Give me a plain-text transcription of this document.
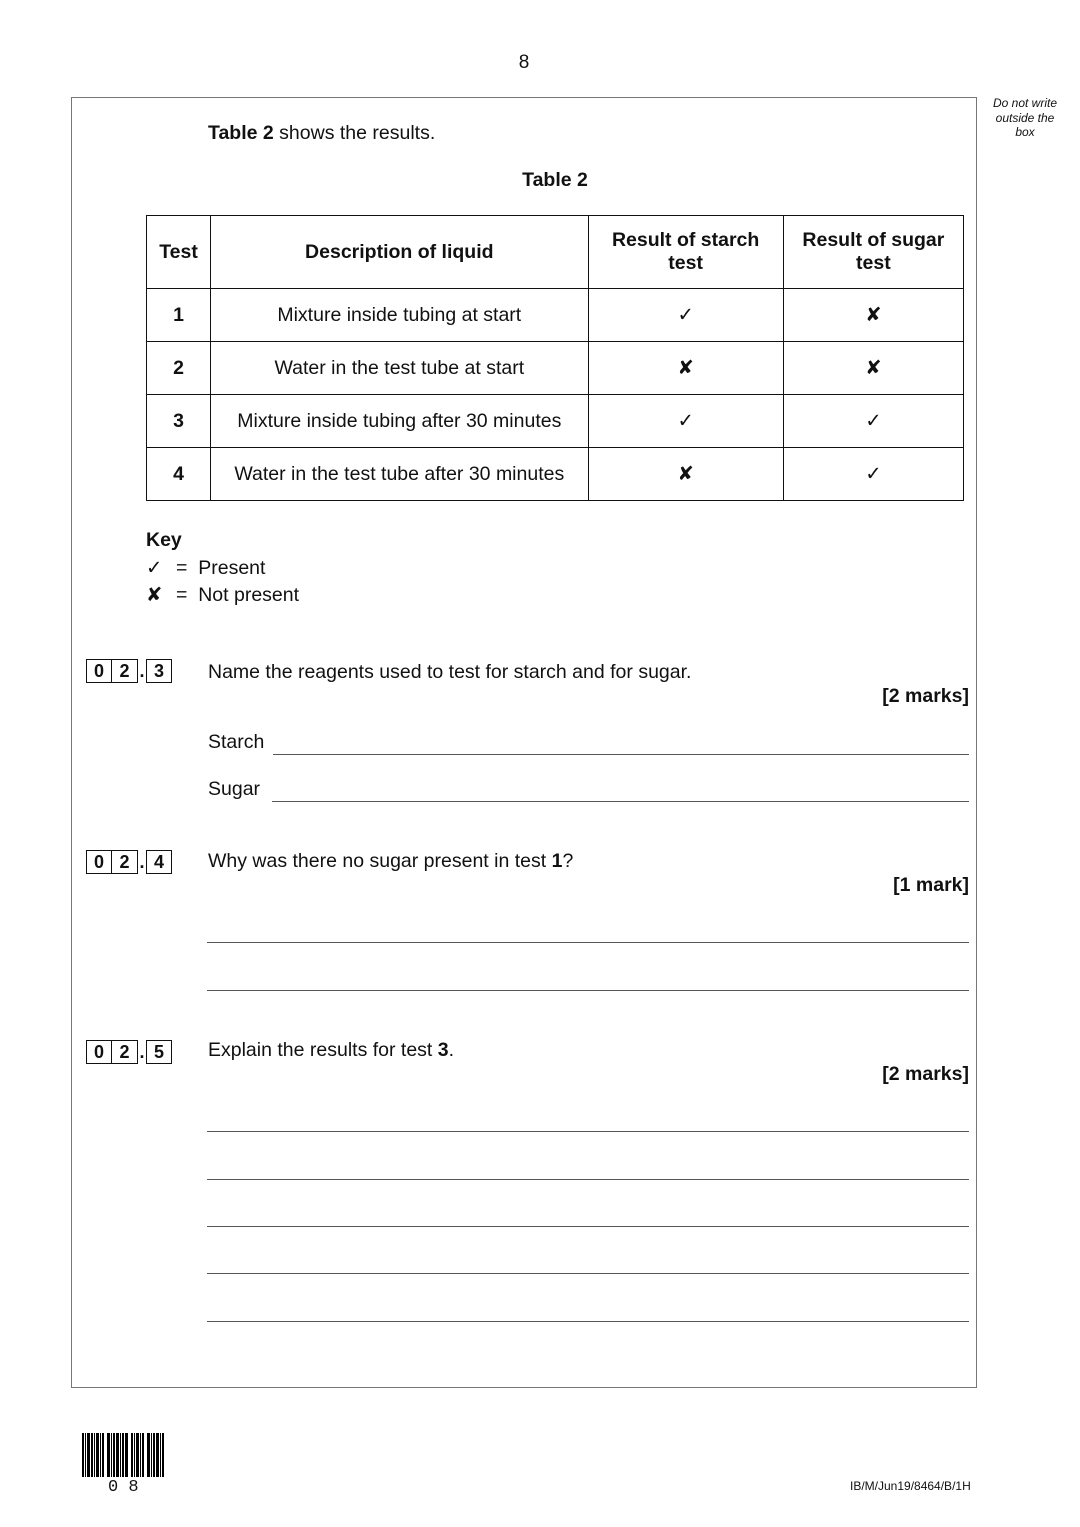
8
Do not write outside the box
Table 2 shows the results.
Table 2
Test	Description of liquid	Result of starch test	Result of sugar test
1	Mixture inside tubing at start	✓	✘
2	Water in the test tube at start	✘	✘
3	Mixture inside tubing after 30 minutes	✓	✓
4	Water in the test tube after 30 minutes	✘	✓
Key
✓ =  Present
✘ =  Not present
0 2 . 3	Name the reagents used to test for starch and for sugar.
[2 marks]
Starch
Sugar
0 2 . 4	Why was there no sugar present in test 1?
[1 mark]
0 2 . 5	Explain the results for test 3.
[2 marks]
0 8	IB/M/Jun19/8464/B/1H
